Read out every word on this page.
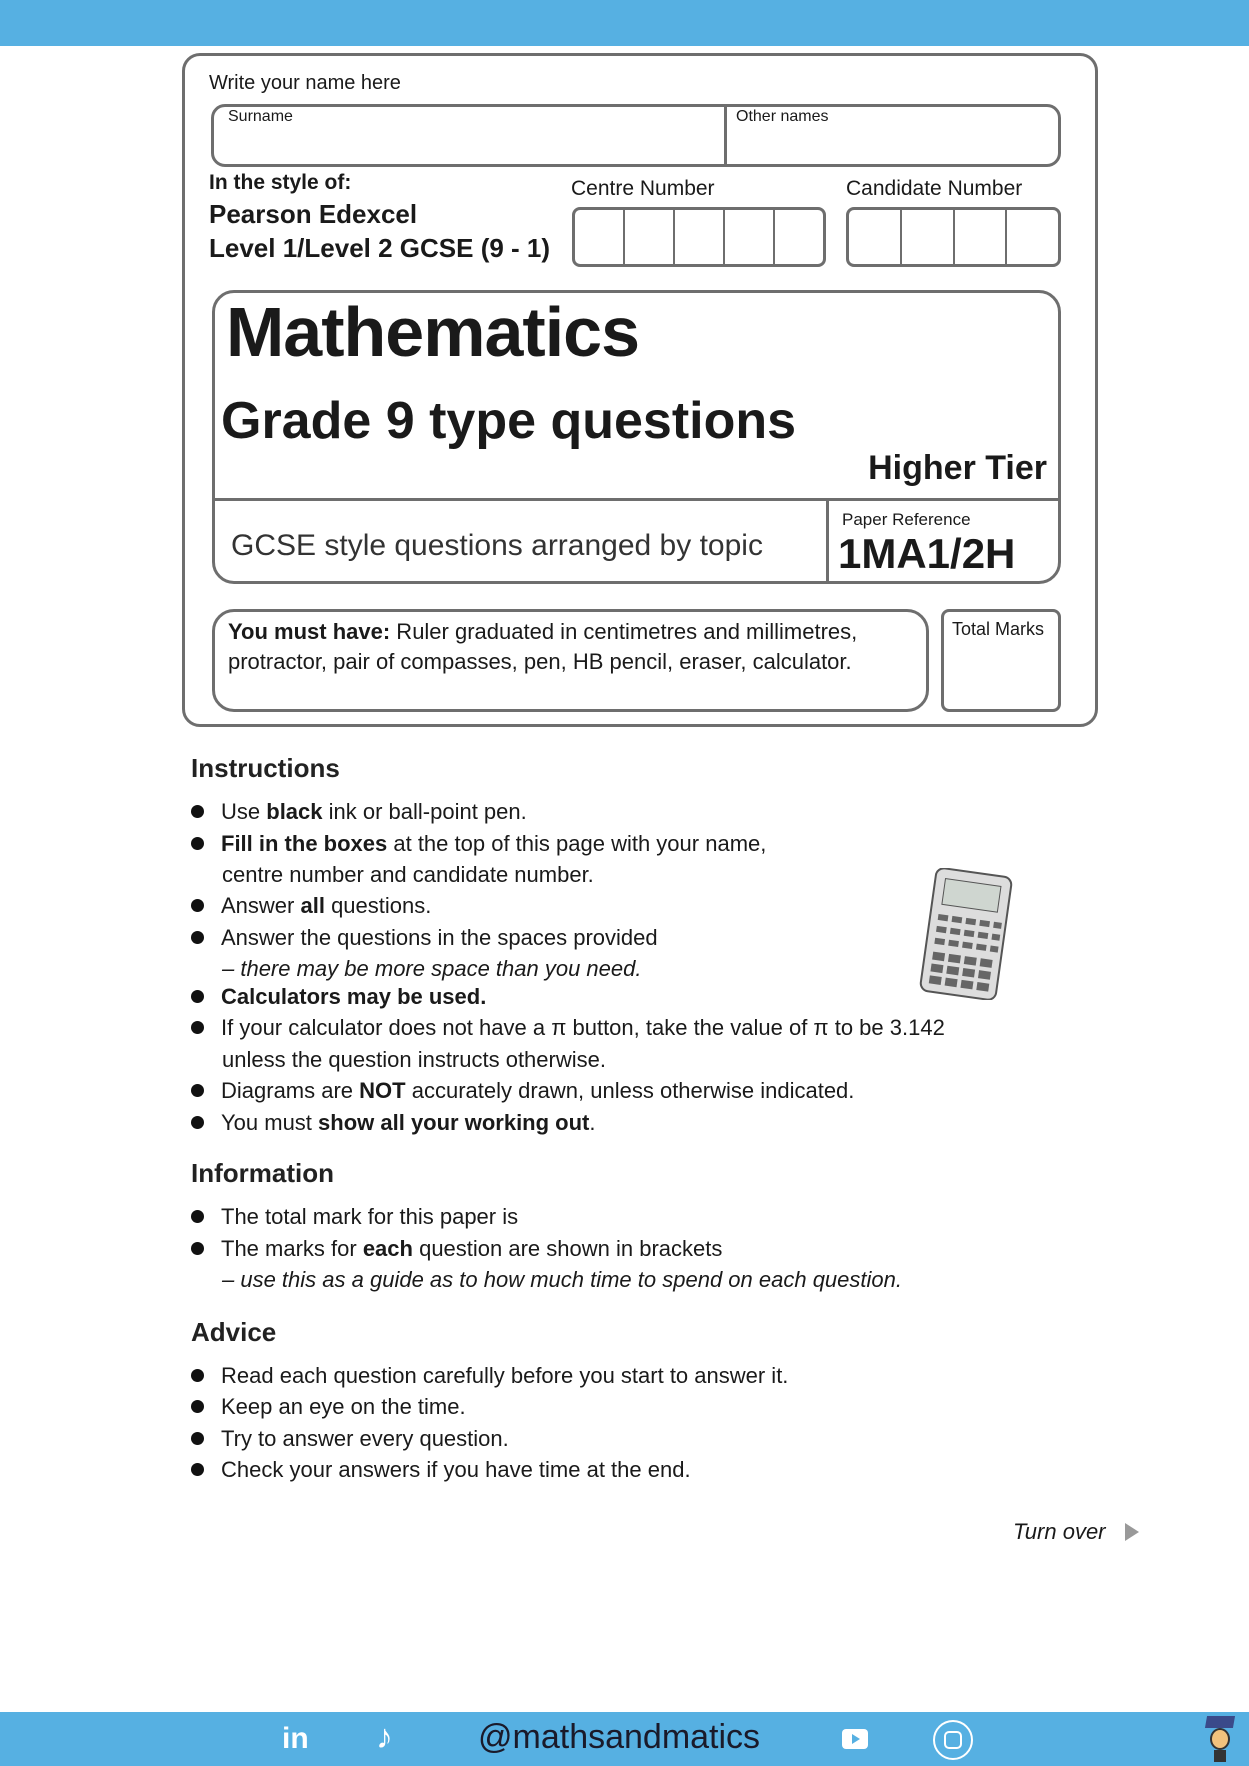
Write your name here
Surname	Other names
In the style of:
Pearson Edexcel
Level 1/Level 2 GCSE (9 - 1)
Centre Number	Candidate Number
Mathematics
Grade 9 type questions
Higher Tier
GCSE style questions arranged by topic
Paper Reference
1MA1/2H
You must have: Ruler graduated in centimetres and millimetres,
protractor, pair of compasses, pen, HB pencil, eraser, calculator.
Total Marks
Instructions
Use black ink or ball-point pen.
Fill in the boxes at the top of this page with your name,
centre number and candidate number.
Answer all questions.
Answer the questions in the spaces provided
– there may be more space than you need.
Calculators may be used.
If your calculator does not have a π button, take the value of π to be 3.142
unless the question instructs otherwise.
Diagrams are NOT accurately drawn, unless otherwise indicated.
You must show all your working out.
Information
The total mark for this paper is
The marks for each question are shown in brackets
– use this as a guide as to how much time to spend on each question.
Advice
Read each question carefully before you start to answer it.
Keep an eye on the time.
Try to answer every question.
Check your answers if you have time at the end.
Turn over
in ♪	@mathsandmatics
